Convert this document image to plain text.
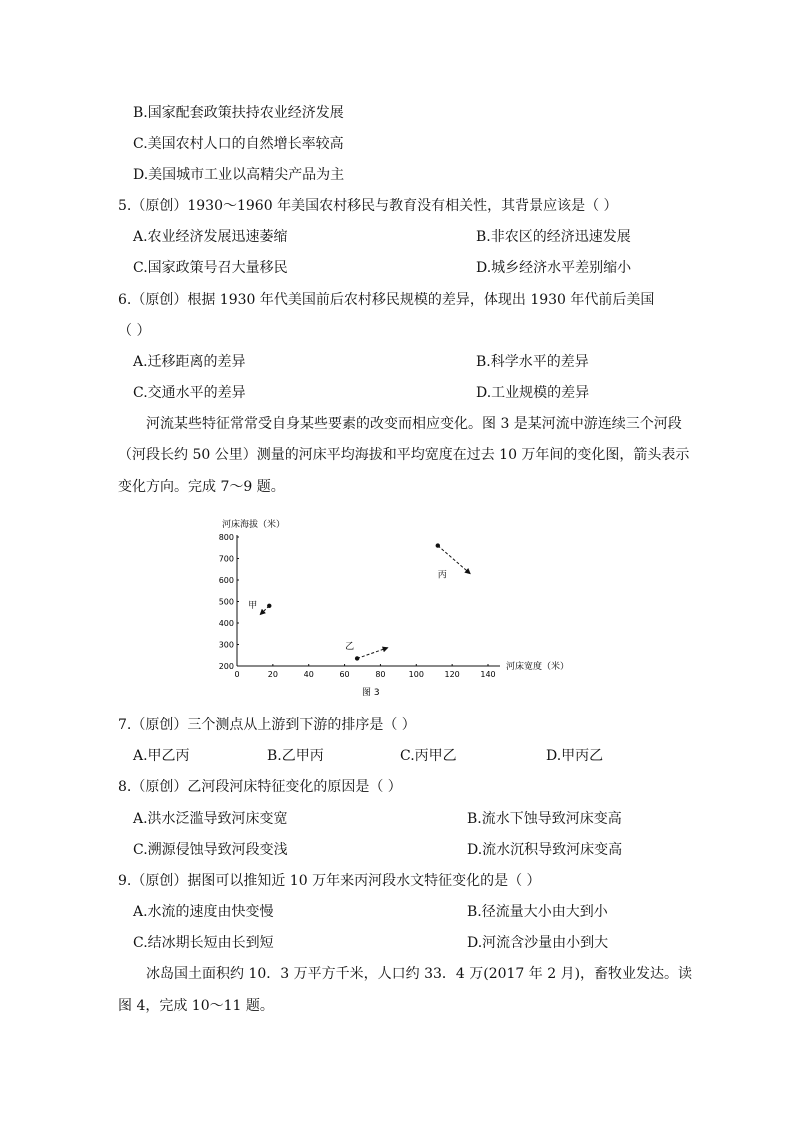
B.国家配套政策扶持农业经济发展
C.美国农村人口的自然增长率较高
D.美国城市工业以高精尖产品为主
5.（原创）1930～1960 年美国农村移民与教育没有相关性，其背景应该是（ ）
A.农业经济发展迅速萎缩	B.非农区的经济迅速发展
C.国家政策号召大量移民	D.城乡经济水平差别缩小
6.（原创）根据 1930 年代美国前后农村移民规模的差异，体现出 1930 年代前后美国
（ ）
A.迁移距离的差异	B.科学水平的差异
C.交通水平的差异	D.工业规模的差异
河流某些特征常常受自身某些要素的改变而相应变化。图 3 是某河流中游连续三个河段
（河段长约 50 公里）测量的河床平均海拔和平均宽度在过去 10 万年间的变化图，箭头表示
变化方向。完成 7～9 题。
河床海拔（米）
河床宽度（米）
图 3
0	20	40	60	80	100	120	140
200
300
400
500
600
700
800
甲
乙
丙
7.（原创）三个测点从上游到下游的排序是（ ）
A.甲乙丙	B.乙甲丙	C.丙甲乙	D.甲丙乙
8.（原创）乙河段河床特征变化的原因是（ ）
A.洪水泛滥导致河床变宽	B.流水下蚀导致河床变高
C.溯源侵蚀导致河段变浅	D.流水沉积导致河床变高
9.（原创）据图可以推知近 10 万年来丙河段水文特征变化的是（ ）
A.水流的速度由快变慢	B.径流量大小由大到小
C.结冰期长短由长到短	D.河流含沙量由小到大
冰岛国土面积约 10．3 万平方千米，人口约 33．4 万(2017 年 2 月)，畜牧业发达。读
图 4，完成 10～11 题。
